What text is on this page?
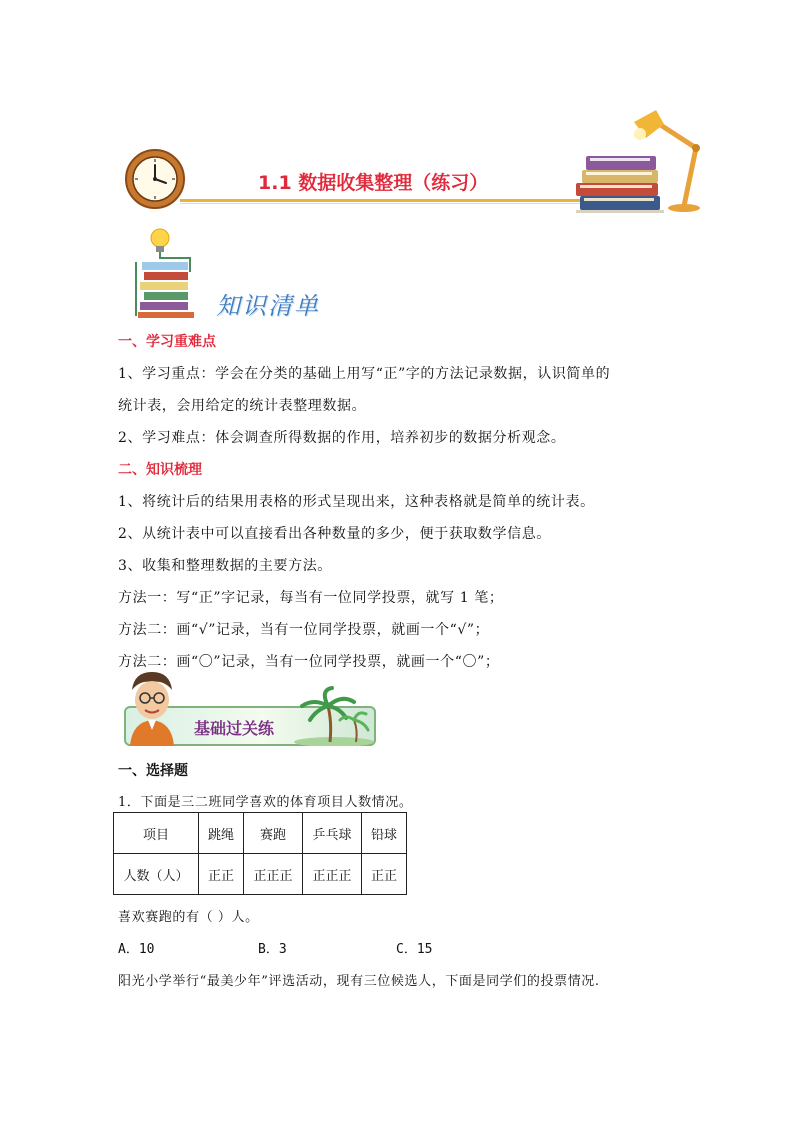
1.1 数据收集整理（练习）
知识清单
一、学习重难点
1、学习重点：学会在分类的基础上用写“正”字的方法记录数据，认识简单的
统计表，会用给定的统计表整理数据。
2、学习难点：体会调查所得数据的作用，培养初步的数据分析观念。
二、知识梳理
1、将统计后的结果用表格的形式呈现出来，这种表格就是简单的统计表。
2、从统计表中可以直接看出各种数量的多少，便于获取数学信息。
3、收集和整理数据的主要方法。
方法一：写“正”字记录，每当有一位同学投票，就写 1 笔；
方法二：画“√”记录，当有一位同学投票，就画一个“√”；
方法二：画“〇”记录，当有一位同学投票，就画一个“〇”；
基础过关练
一、选择题
1．下面是三二班同学喜欢的体育项目人数情况。
项目	跳绳	赛跑	乒乓球	铅球
人数（人）	正正	正正正	正正正	正正
喜欢赛跑的有（ ）人。
A．10	B．3	C．15
阳光小学举行“最美少年”评选活动，现有三位候选人，下面是同学们的投票情况.
